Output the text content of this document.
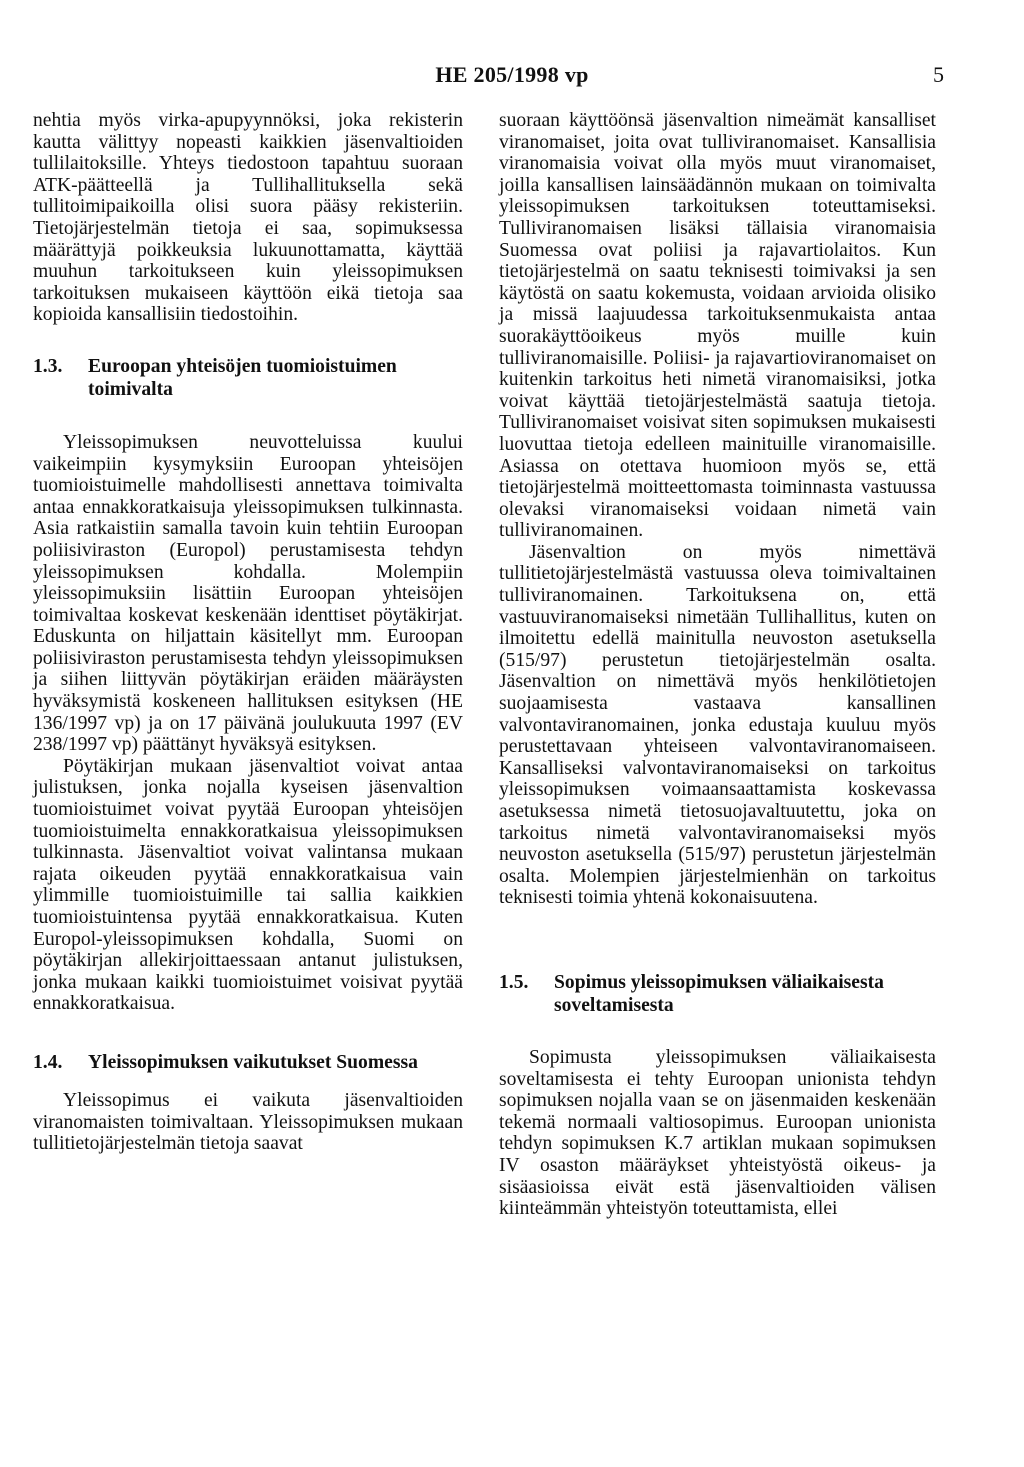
HE 205/1998 vp	5

nehtia myös virka-apupyynnöksi, joka rekisterin kautta välittyy nopeasti kaikkien jäsenvaltioiden tullilaitoksille. Yhteys tiedostoon tapahtuu suoraan ATK-päätteellä ja Tullihallituksella sekä tullitoimipaikoilla olisi suora pääsy rekisteriin. Tietojärjestelmän tietoja ei saa, sopimuksessa määrättyjä poikkeuksia lukuunottamatta, käyttää muuhun tarkoitukseen kuin yleissopimuksen tarkoituksen mukaiseen käyttöön eikä tietoja saa kopioida kansallisiin tiedostoihin.

1.3.	Euroopan yhteisöjen tuomioistuimen toimivalta

Yleissopimuksen neuvotteluissa kuului vaikeimpiin kysymyksiin Euroopan yhteisöjen tuomioistuimelle mahdollisesti annettava toimivalta antaa ennakkoratkaisuja yleissopimuksen tulkinnasta. Asia ratkaistiin samalla tavoin kuin tehtiin Euroopan poliisiviraston (Europol) perustamisesta tehdyn yleissopimuksen kohdalla. Molempiin yleissopimuksiin lisättiin Euroopan yhteisöjen toimivaltaa koskevat keskenään identtiset pöytäkirjat. Eduskunta on hiljattain käsitellyt mm. Euroopan poliisiviraston perustamisesta tehdyn yleissopimuksen ja siihen liittyvän pöytäkirjan eräiden määräysten hyväksymistä koskeneen hallituksen esityksen (HE 136/1997 vp) ja on 17 päivänä joulukuuta 1997 (EV 238/1997 vp) päättänyt hyväksyä esityksen.

Pöytäkirjan mukaan jäsenvaltiot voivat antaa julistuksen, jonka nojalla kyseisen jäsenvaltion tuomioistuimet voivat pyytää Euroopan yhteisöjen tuomioistuimelta ennakkoratkaisua yleissopimuksen tulkinnasta. Jäsenvaltiot voivat valintansa mukaan rajata oikeuden pyytää ennakkoratkaisua vain ylimmille tuomioistuimille tai sallia kaikkien tuomioistuintensa pyytää ennakkoratkaisua. Kuten Europol-yleissopimuksen kohdalla, Suomi on pöytäkirjan allekirjoittaessaan antanut julistuksen, jonka mukaan kaikki tuomioistuimet voisivat pyytää ennakkoratkaisua.

1.4.	Yleissopimuksen vaikutukset Suomessa

Yleissopimus ei vaikuta jäsenvaltioiden viranomaisten toimivaltaan. Yleissopimuksen mukaan tullitietojärjestelmän tietoja saavat

suoraan käyttöönsä jäsenvaltion nimeämät kansalliset viranomaiset, joita ovat tulliviranomaiset. Kansallisia viranomaisia voivat olla myös muut viranomaiset, joilla kansallisen lainsäädännön mukaan on toimivalta yleissopimuksen tarkoituksen toteuttamiseksi. Tulliviranomaisen lisäksi tällaisia viranomaisia Suomessa ovat poliisi ja rajavartiolaitos. Kun tietojärjestelmä on saatu teknisesti toimivaksi ja sen käytöstä on saatu kokemusta, voidaan arvioida olisiko ja missä laajuudessa tarkoituksenmukaista antaa suorakäyttöoikeus myös muille kuin tulliviranomaisille. Poliisi- ja rajavartioviranomaiset on kuitenkin tarkoitus heti nimetä viranomaisiksi, jotka voivat käyttää tietojärjestelmästä saatuja tietoja. Tulliviranomaiset voisivat siten sopimuksen mukaisesti luovuttaa tietoja edelleen mainituille viranomaisille. Asiassa on otettava huomioon myös se, että tietojärjestelmä moitteettomasta toiminnasta vastuussa olevaksi viranomaiseksi voidaan nimetä vain tulliviranomainen.

Jäsenvaltion on myös nimettävä tullitietojärjestelmästä vastuussa oleva toimivaltainen tulliviranomainen. Tarkoituksena on, että vastuuviranomaiseksi nimetään Tullihallitus, kuten on ilmoitettu edellä mainitulla neuvoston asetuksella (515/97) perustetun tietojärjestelmän osalta. Jäsenvaltion on nimettävä myös henkilötietojen suojaamisesta vastaava kansallinen valvontaviranomainen, jonka edustaja kuuluu myös perustettavaan yhteiseen valvontaviranomaiseen. Kansalliseksi valvontaviranomaiseksi on tarkoitus yleissopimuksen voimaansaattamista koskevassa asetuksessa nimetä tietosuojavaltuutettu, joka on tarkoitus nimetä valvontaviranomaiseksi myös neuvoston asetuksella (515/97) perustetun järjestelmän osalta. Molempien järjestelmienhän on tarkoitus teknisesti toimia yhtenä kokonaisuutena.

1.5.	Sopimus yleissopimuksen väliaikaisesta soveltamisesta

Sopimusta yleissopimuksen väliaikaisesta soveltamisesta ei tehty Euroopan unionista tehdyn sopimuksen nojalla vaan se on jäsenmaiden keskenään tekemä normaali valtiosopimus. Euroopan unionista tehdyn sopimuksen K.7 artiklan mukaan sopimuksen IV osaston määräykset yhteistyöstä oikeus- ja sisäasioissa eivät estä jäsenvaltioiden välisen kiinteämmän yhteistyön toteuttamista, ellei
